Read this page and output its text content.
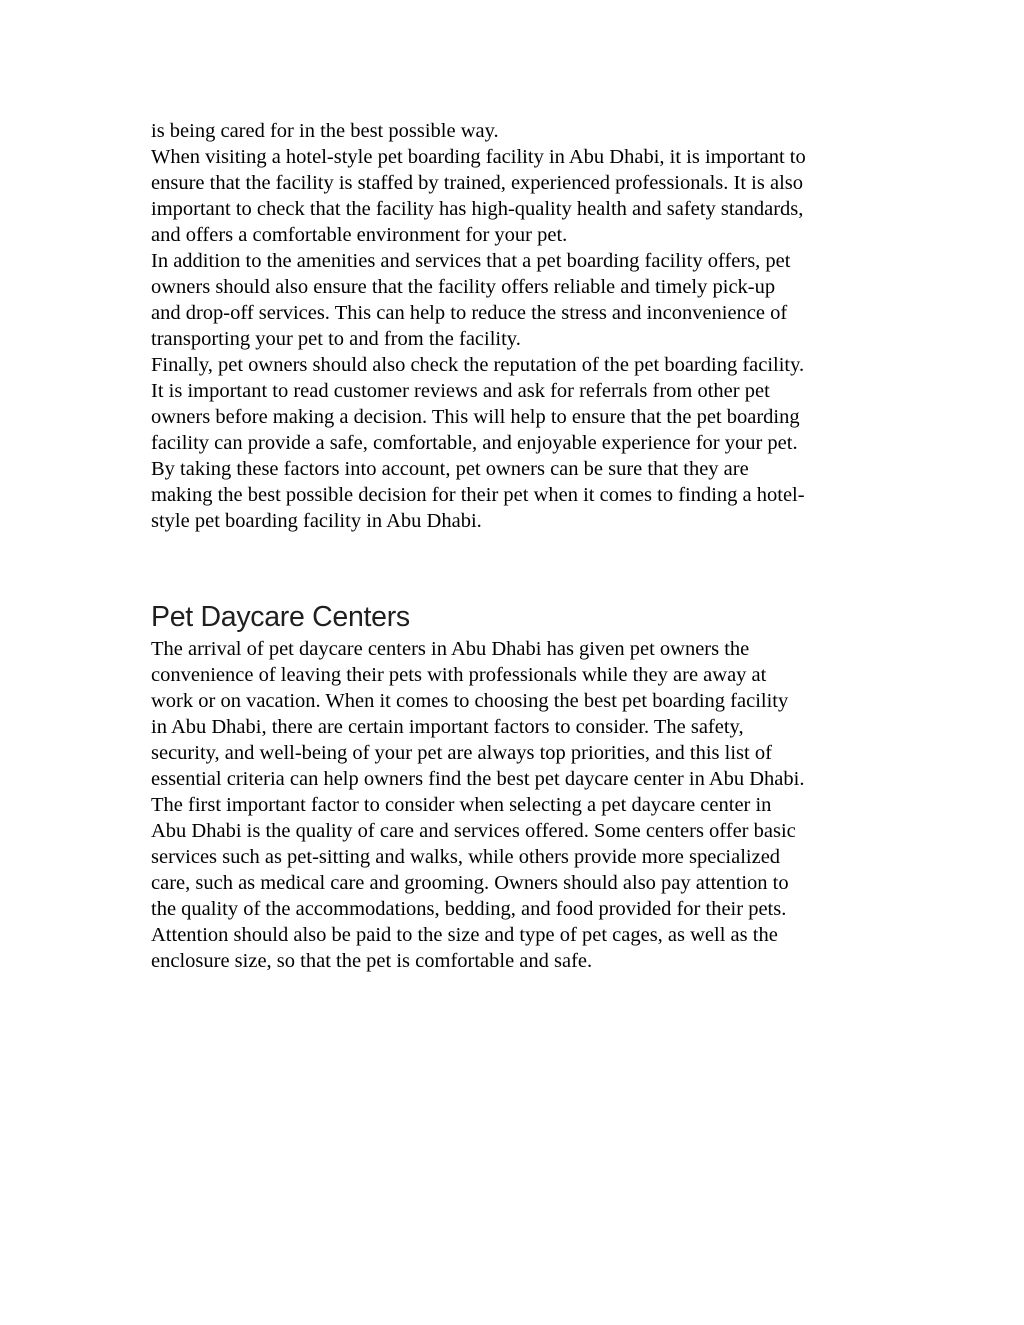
is being cared for in the best possible way.

When visiting a hotel-style pet boarding facility in Abu Dhabi, it is important to
ensure that the facility is staffed by trained, experienced professionals. It is also
important to check that the facility has high-quality health and safety standards,
and offers a comfortable environment for your pet.

In addition to the amenities and services that a pet boarding facility offers, pet
owners should also ensure that the facility offers reliable and timely pick-up
and drop-off services. This can help to reduce the stress and inconvenience of
transporting your pet to and from the facility.

Finally, pet owners should also check the reputation of the pet boarding facility.
It is important to read customer reviews and ask for referrals from other pet
owners before making a decision. This will help to ensure that the pet boarding
facility can provide a safe, comfortable, and enjoyable experience for your pet.

By taking these factors into account, pet owners can be sure that they are
making the best possible decision for their pet when it comes to finding a hotel-
style pet boarding facility in Abu Dhabi.

Pet Daycare Centers

The arrival of pet daycare centers in Abu Dhabi has given pet owners the
convenience of leaving their pets with professionals while they are away at
work or on vacation. When it comes to choosing the best pet boarding facility
in Abu Dhabi, there are certain important factors to consider. The safety,
security, and well-being of your pet are always top priorities, and this list of
essential criteria can help owners find the best pet daycare center in Abu Dhabi.

The first important factor to consider when selecting a pet daycare center in
Abu Dhabi is the quality of care and services offered. Some centers offer basic
services such as pet-sitting and walks, while others provide more specialized
care, such as medical care and grooming. Owners should also pay attention to
the quality of the accommodations, bedding, and food provided for their pets.
Attention should also be paid to the size and type of pet cages, as well as the
enclosure size, so that the pet is comfortable and safe.
